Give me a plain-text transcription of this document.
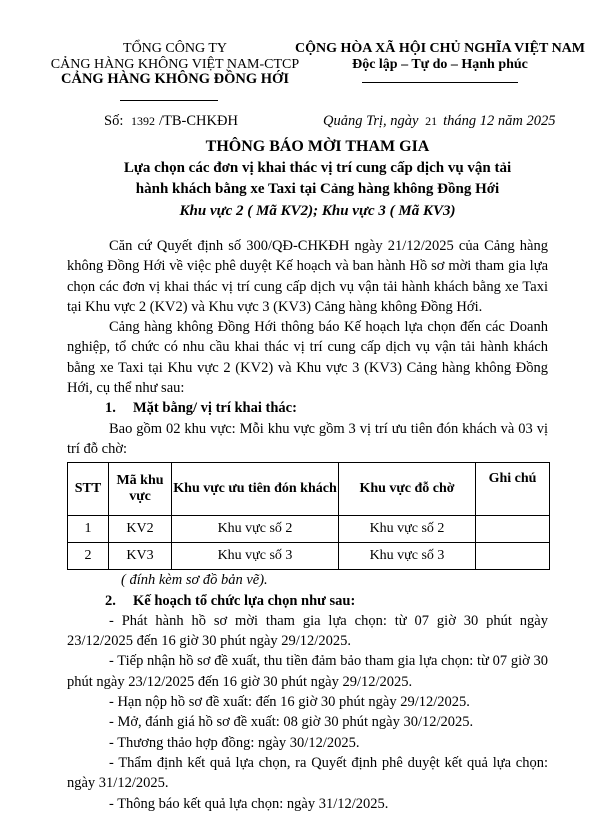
TỔNG CÔNG TY
CẢNG HÀNG KHÔNG VIỆT NAM-CTCP
CẢNG HÀNG KHÔNG ĐỒNG HỚI
CỘNG HÒA XÃ HỘI CHỦ NGHĨA VIỆT NAM
Độc lập – Tự do – Hạnh phúc
Số: 1392 /TB-CHKĐH	Quảng Trị, ngày 21 tháng 12 năm 2025
THÔNG BÁO MỜI THAM GIA
Lựa chọn các đơn vị khai thác vị trí cung cấp dịch vụ vận tải
hành khách bằng xe Taxi tại Cảng hàng không Đồng Hới
Khu vực 2 ( Mã KV2); Khu vực 3 ( Mã KV3)

Căn cứ Quyết định số 300/QĐ-CHKĐH ngày 21/12/2025 của Cảng hàng không Đồng Hới về việc phê duyệt Kế hoạch và ban hành Hồ sơ mời tham gia lựa chọn các đơn vị khai thác vị trí cung cấp dịch vụ vận tải hành khách bằng xe Taxi tại Khu vực 2 (KV2) và Khu vực 3 (KV3) Cảng hàng không Đồng Hới.

Cảng hàng không Đồng Hới thông báo Kế hoạch lựa chọn đến các Doanh nghiệp, tổ chức có nhu cầu khai thác vị trí cung cấp dịch vụ vận tải hành khách bằng xe Taxi tại Khu vực 2 (KV2) và Khu vực 3 (KV3) Cảng hàng không Đồng Hới, cụ thể như sau:

1. Mặt bằng/ vị trí khai thác:

Bao gồm 02 khu vực: Mỗi khu vực gồm 3 vị trí ưu tiên đón khách và 03 vị trí đỗ chờ:

STT	Mã khu vực	Khu vực ưu tiên đón khách	Khu vực đỗ chờ	Ghi chú
1	KV2	Khu vực số 2	Khu vực số 2	
2	KV3	Khu vực số 3	Khu vực số 3	
( đính kèm sơ đồ bản vẽ).
2. Kế hoạch tổ chức lựa chọn như sau:

- Phát hành hồ sơ mời tham gia lựa chọn: từ 07 giờ 30 phút ngày 23/12/2025 đến 16 giờ 30 phút ngày 29/12/2025.

- Tiếp nhận hồ sơ đề xuất, thu tiền đảm bảo tham gia lựa chọn: từ 07 giờ 30 phút ngày 23/12/2025 đến 16 giờ 30 phút ngày 29/12/2025.

- Hạn nộp hồ sơ đề xuất: đến 16 giờ 30 phút ngày 29/12/2025.

- Mở, đánh giá hồ sơ đề xuất: 08 giờ 30 phút ngày 30/12/2025.

- Thương thảo hợp đồng: ngày 30/12/2025.

- Thẩm định kết quả lựa chọn, ra Quyết định phê duyệt kết quả lựa chọn: ngày 31/12/2025.

- Thông báo kết quả lựa chọn: ngày 31/12/2025.
